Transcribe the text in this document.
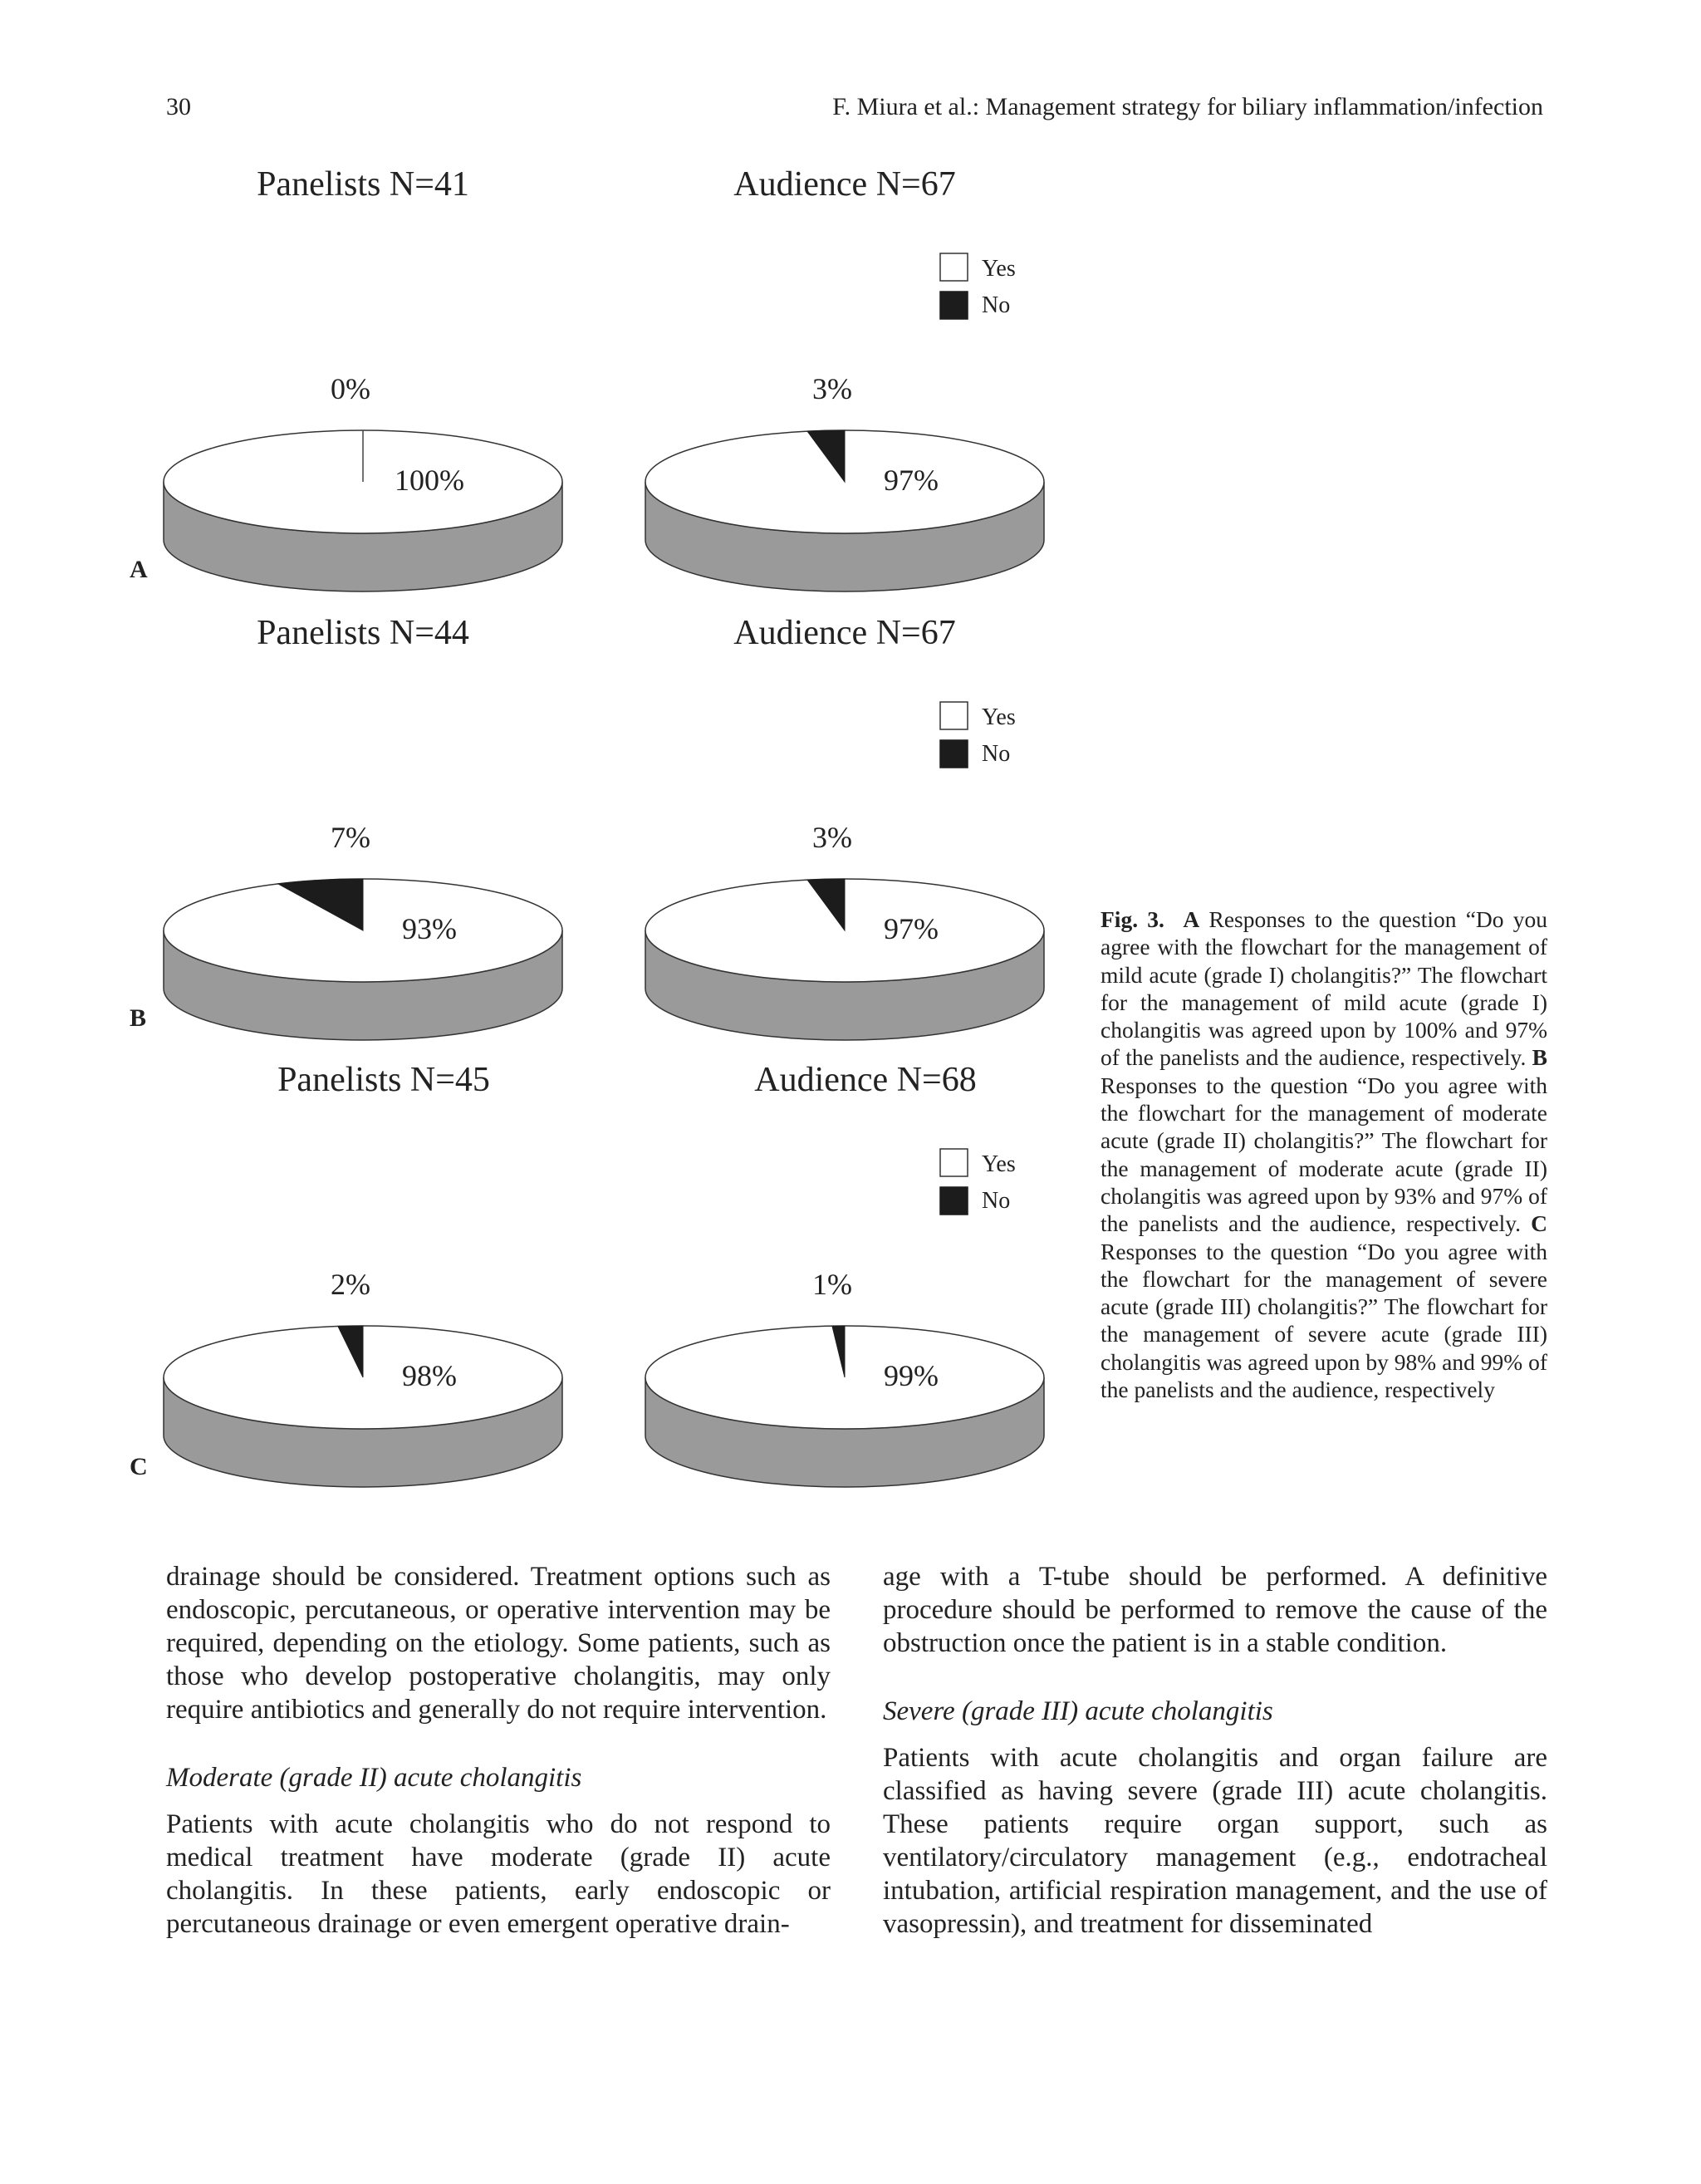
30	F. Miura et al.: Management strategy for biliary inflammation/infection
Panelists N=41
0%
100%
Audience N=67
3%
97%
Yes
No
Panelists N=44
7%
93%
Audience N=67
3%
97%
Yes
No
Panelists N=45
2%
98%
Audience N=68
1%
99%
Yes
No
A
B
C
Fig. 3. A Responses to the question “Do you agree with the flowchart for the management of mild acute (grade I) cholangitis?” The flowchart for the management of mild acute (grade I) cholangitis was agreed upon by 100% and 97% of the panelists and the audience, respectively. B Responses to the question “Do you agree with the flowchart for the management of moderate acute (grade II) cholangitis?” The flowchart for the management of moderate acute (grade II) cholangitis was agreed upon by 93% and 97% of the panelists and the audience, respectively. C Responses to the question “Do you agree with the flowchart for the management of severe acute (grade III) cholangitis?” The flowchart for the management of severe acute (grade III) cholangitis was agreed upon by 98% and 99% of the panelists and the audience, respectively

drainage should be considered. Treatment options such as endoscopic, percutaneous, or operative intervention may be required, depending on the etiology. Some patients, such as those who develop postoperative cholangitis, may only require antibiotics and generally do not require intervention.

Moderate (grade II) acute cholangitis

Patients with acute cholangitis who do not respond to medical treatment have moderate (grade II) acute cholangitis. In these patients, early endoscopic or percutaneous drainage or even emergent operative drain-

age with a T-tube should be performed. A definitive procedure should be performed to remove the cause of the obstruction once the patient is in a stable condition.

Severe (grade III) acute cholangitis

Patients with acute cholangitis and organ failure are classified as having severe (grade III) acute cholangitis. These patients require organ support, such as ventilatory/circulatory management (e.g., endotracheal intubation, artificial respiration management, and the use of vasopressin), and treatment for disseminated
